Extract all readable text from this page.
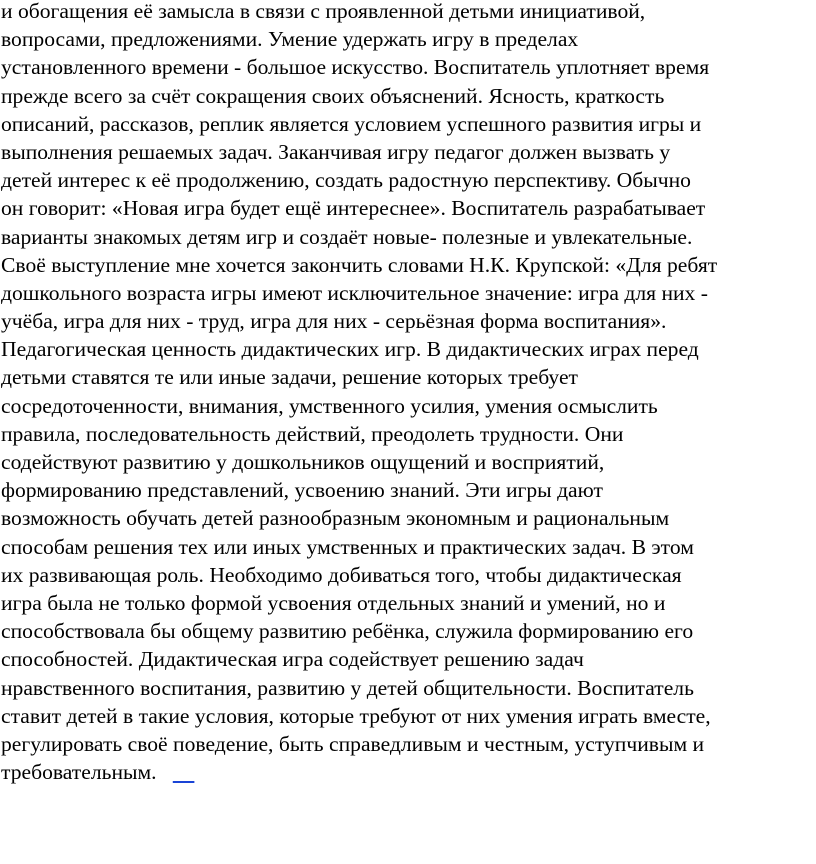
и обогащения её замысла в связи с проявленной детьми инициативой,
вопросами, предложениями. Умение удержать игру в пределах
установленного времени - большое искусство. Воспитатель уплотняет время
прежде всего за счёт сокращения своих объяснений. Ясность, краткость
описаний, рассказов, реплик является условием успешного развития игры и
выполнения решаемых задач. Заканчивая игру педагог должен вызвать у
детей интерес к её продолжению, создать радостную перспективу. Обычно
он говорит: «Новая игра будет ещё интереснее». Воспитатель разрабатывает
варианты знакомых детям игр и создаёт новые- полезные и увлекательные.
Своё выступление мне хочется закончить словами Н.К. Крупской: «Для ребят
дошкольного возраста игры имеют исключительное значение: игра для них -
учёба, игра для них - труд, игра для них - серьёзная форма воспитания».
Педагогическая ценность дидактических игр. В дидактических играх перед
детьми ставятся те или иные задачи, решение которых требует
сосредоточенности, внимания, умственного усилия, умения осмыслить
правила, последовательность действий, преодолеть трудности. Они
содействуют развитию у дошкольников ощущений и восприятий,
формированию представлений, усвоению знаний. Эти игры дают
возможность обучать детей разнообразным экономным и рациональным
способам решения тех или иных умственных и практических задач. В этом
их развивающая роль. Необходимо добиваться того, чтобы дидактическая
игра была не только формой усвоения отдельных знаний и умений, но и
способствовала бы общему развитию ребёнка, служила формированию его
способностей. Дидактическая игра содействует решению задач
нравственного воспитания, развитию у детей общительности. Воспитатель
ставит детей в такие условия, которые требуют от них умения играть вместе,
регулировать своё поведение, быть справедливым и честным, уступчивым и
требовательным.
